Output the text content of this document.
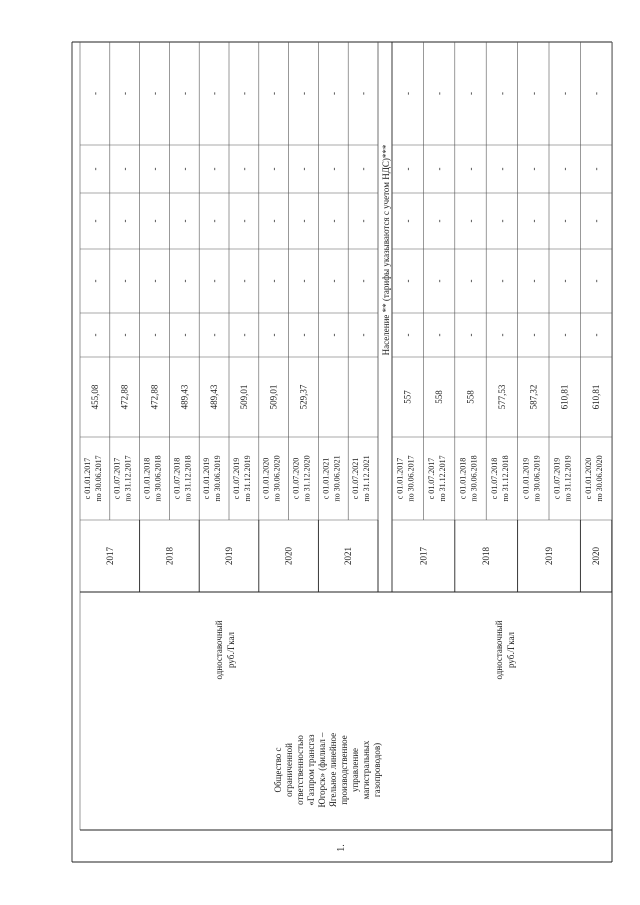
1.
Общество с ограниченной ответственностью «Газпром трансгаз Югорск» (филиал – Ягельное линейное производственное управление магистральных газопроводов)
одноставочный руб./Гкал	одноставочный руб./Гкал
Население ** (тарифы указываются с учетом НДС)***
с 01.01.2017 по 30.06.2017
455,08
-
-
-
-
-
с 01.07.2017 по 31.12.2017
472,88
-
-
-
-
-
2017
с 01.01.2018 по 30.06.2018
472,88
-
-
-
-
-
с 01.07.2018 по 31.12.2018
489,43
-
-
-
-
-
2018
с 01.01.2019 по 30.06.2019
489,43
-
-
-
-
-
с 01.07.2019 по 31.12.2019
509,01
-
-
-
-
-
2019
с 01.01.2020 по 30.06.2020
509,01
-
-
-
-
-
с 01.07.2020 по 31.12.2020
529,37
-
-
-
-
-
2020
с 01.01.2021 по 30.06.2021
-
-
-
-
-
с 01.07.2021 по 31.12.2021
-
-
-
-
-
2021
с 01.01.2017 по 30.06.2017
557
-
-
-
-
-
с 01.07.2017 по 31.12.2017
558
-
-
-
-
-
2017
с 01.01.2018 по 30.06.2018
558
-
-
-
-
-
с 01.07.2018 по 31.12.2018
577,53
-
-
-
-
-
2018
с 01.01.2019 по 30.06.2019
587,32
-
-
-
-
-
с 01.07.2019 по 31.12.2019
610,81
-
-
-
-
-
2019
с 01.01.2020 по 30.06.2020
610,81
-
-
-
-
-
2020
